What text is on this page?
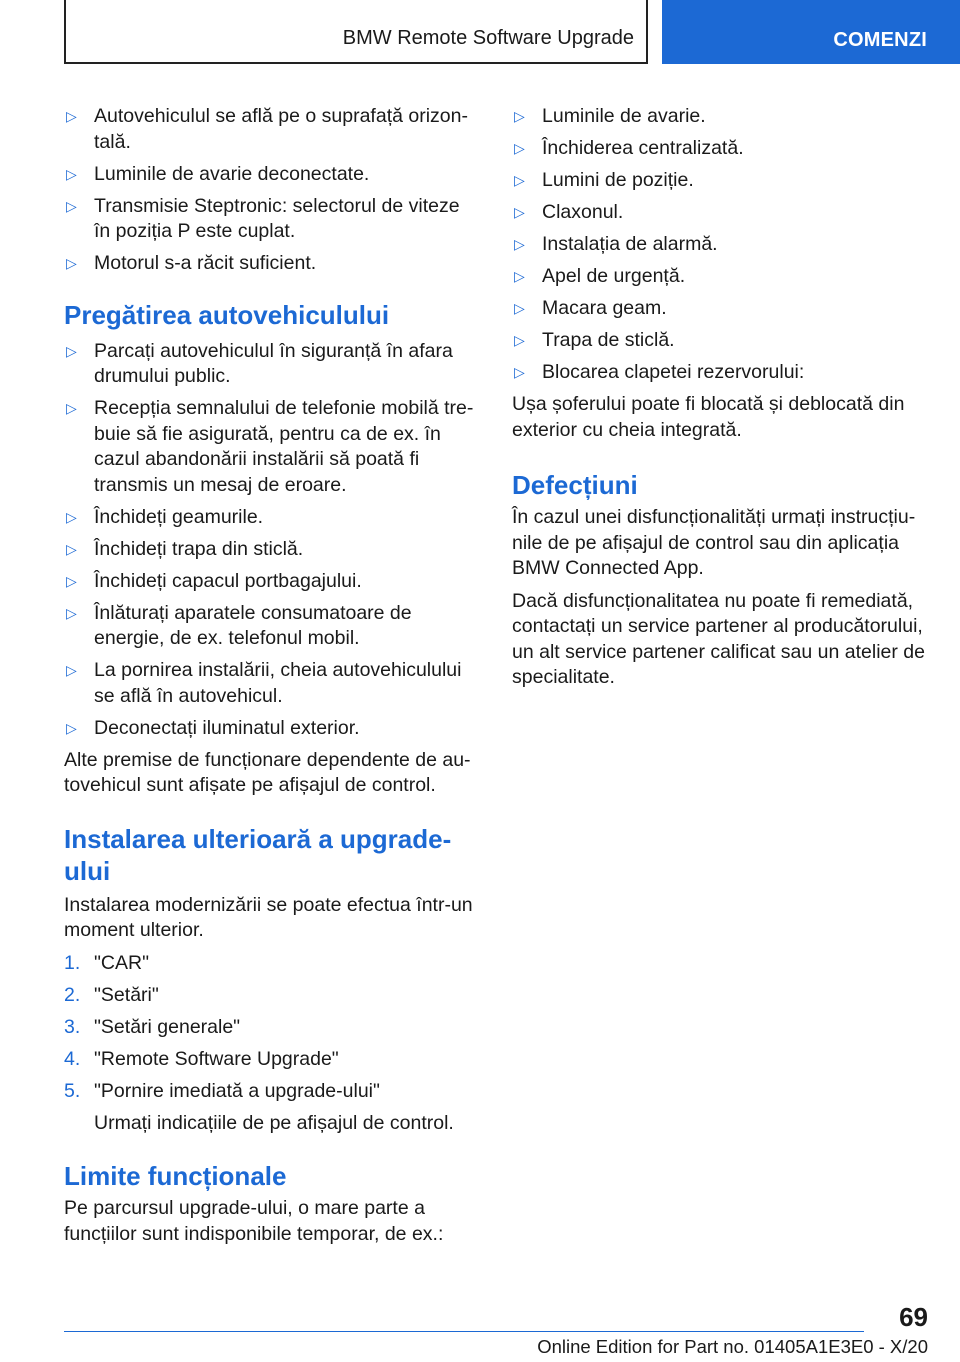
BMW Remote Software Upgrade	COMENZI
▷ Autovehiculul se află pe o suprafață orizontală.
▷ Luminile de avarie deconectate.
▷ Transmisie Steptronic: selectorul de viteze în poziția P este cuplat.
▷ Motorul s-a răcit suficient.
Pregătirea autovehiculului
▷ Parcați autovehiculul în siguranță în afara drumului public.
▷ Recepția semnalului de telefonie mobilă trebuie să fie asigurată, pentru ca de ex. în cazul abandonării instalării să poată fi transmis un mesaj de eroare.
▷ Închideți geamurile.
▷ Închideți trapa din sticlă.
▷ Închideți capacul portbagajului.
▷ Înlăturați aparatele consumatoare de energie, de ex. telefonul mobil.
▷ La pornirea instalării, cheia autovehiculului se află în autovehicul.
▷ Deconectați iluminatul exterior.

Alte premise de funcționare dependente de autovehicul sunt afișate pe afișajul de control.

Instalarea ulterioară a upgrade-ului

Instalarea modernizării se poate efectua într-un moment ulterior.

1. "CAR"
2. "Setări"
3. "Setări generale"
4. "Remote Software Upgrade"
5. "Pornire imediată a upgrade-ului"

Urmați indicațiile de pe afișajul de control.

Limite funcționale

Pe parcursul upgrade-ului, o mare parte a funcțiilor sunt indisponibile temporar, de ex.:

▷ Luminile de avarie.
▷ Închiderea centralizată.
▷ Lumini de poziție.
▷ Claxonul.
▷ Instalația de alarmă.
▷ Apel de urgență.
▷ Macara geam.
▷ Trapa de sticlă.
▷ Blocarea clapetei rezervorului:

Ușa șoferului poate fi blocată și deblocată din exterior cu cheia integrată.

Defecțiuni

În cazul unei disfuncționalități urmați instrucțiunile de pe afișajul de control sau din aplicația BMW Connected App.

Dacă disfuncționalitatea nu poate fi remediată, contactați un service partener al producătorului, un alt service partener calificat sau un atelier de specialitate.

69
Online Edition for Part no. 01405A1E3E0 - X/20
